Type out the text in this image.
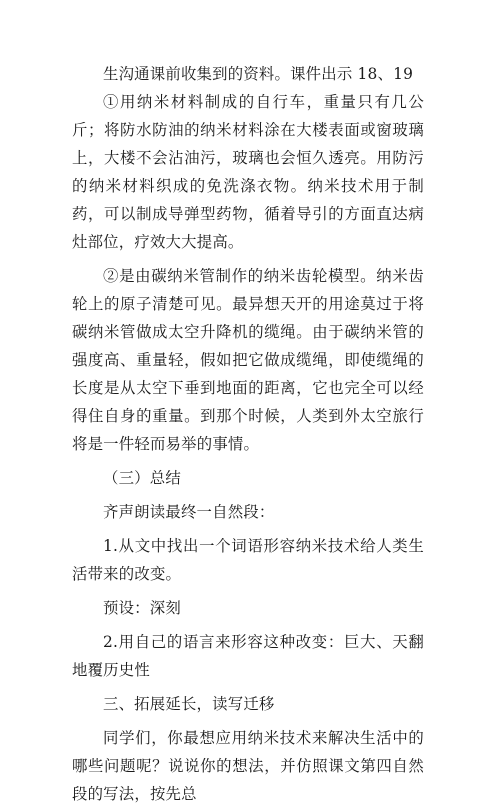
生沟通课前收集到的资料。课件出示 18、19

①用纳米材料制成的自行车，重量只有几公斤；将防水防油的纳米材料涂在大楼表面或窗玻璃上，大楼不会沾油污，玻璃也会恒久透亮。用防污的纳米材料织成的免洗涤衣物。纳米技术用于制药，可以制成导弹型药物，循着导引的方面直达病灶部位，疗效大大提高。

②是由碳纳米管制作的纳米齿轮模型。纳米齿轮上的原子清楚可见。最异想天开的用途莫过于将碳纳米管做成太空升降机的缆绳。由于碳纳米管的强度高、重量轻，假如把它做成缆绳，即使缆绳的长度是从太空下垂到地面的距离，它也完全可以经得住自身的重量。到那个时候，人类到外太空旅行将是一件轻而易举的事情。

（三）总结

齐声朗读最终一自然段：

1.从文中找出一个词语形容纳米技术给人类生活带来的改变。

预设：深刻

2.用自己的语言来形容这种改变：巨大、天翻地覆历史性

三、拓展延长，读写迁移

同学们，你最想应用纳米技术来解决生活中的哪些问题呢？说说你的想法，并仿照课文第四自然段的写法，按先总
